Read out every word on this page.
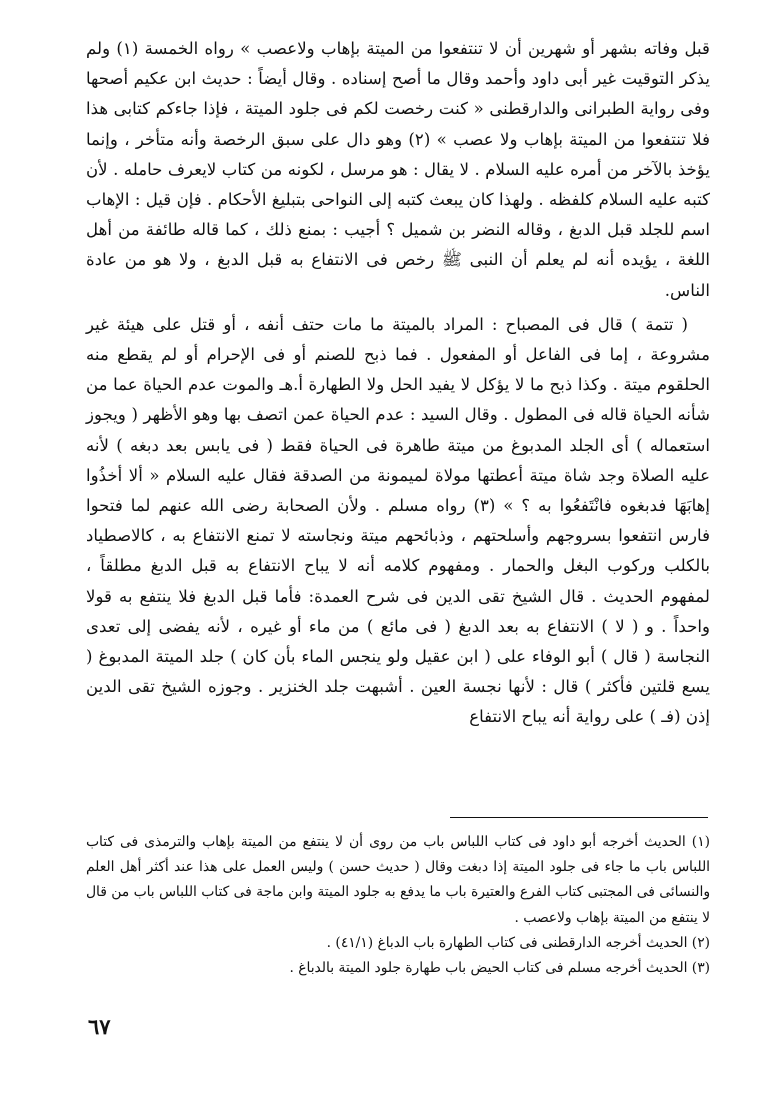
قبل وفاته بشهر أو شهرين أن لا تنتفعوا من الميتة بإهاب ولاعصب » رواه الخمسة (١) ولم يذكر التوقيت غير أبى داود وأحمد وقال ما أصح إسناده . وقال أيضاً : حديث ابن عكيم أصحها وفى رواية الطبرانى والدارقطنى « كنت رخصت لكم فى جلود الميتة ، فإذا جاءكم كتابى هذا فلا تنتفعوا من الميتة بإهاب ولا عصب » (٢) وهو دال على سبق الرخصة وأنه متأخر ، وإنما يؤخذ بالآخر من أمره عليه السلام . لا يقال : هو مرسل ، لكونه من كتاب لايعرف حامله . لأن كتبه عليه السلام كلفظه . ولهذا كان يبعث كتبه إلى النواحى بتبليغ الأحكام . فإن قيل : الإهاب اسم للجلد قبل الدبغ ، وقاله النضر بن شميل ؟ أجيب : بمنع ذلك ، كما قاله طائفة من أهل اللغة ، يؤيده أنه لم يعلم أن النبى ﷺ رخص فى الانتفاع به قبل الدبغ ، ولا هو من عادة الناس.

( تتمة ) قال فى المصباح : المراد بالميتة ما مات حتف أنفه ، أو قتل على هيئة غير مشروعة ، إما فى الفاعل أو المفعول . فما ذبح للصنم أو فى الإحرام أو لم يقطع منه الحلقوم ميتة . وكذا ذبح ما لا يؤكل لا يفيد الحل ولا الطهارة أ.هـ والموت عدم الحياة عما من شأنه الحياة قاله فى المطول . وقال السيد : عدم الحياة عمن اتصف بها وهو الأظهر ( ويجوز استعماله ) أى الجلد المدبوغ من ميتة طاهرة فى الحياة فقط ( فى يابس بعد دبغه ) لأنه عليه الصلاة وجد شاة ميتة أعطتها مولاة لميمونة من الصدقة فقال عليه السلام « ألا أخذُوا إهابَهَا فدبغوه فانْتَفعُوا به ؟ » (٣) رواه مسلم . ولأن الصحابة رضى الله عنهم لما فتحوا فارس انتفعوا بسروجهم وأسلحتهم ، وذبائحهم ميتة ونجاسته لا تمنع الانتفاع به ، كالاصطياد بالكلب وركوب البغل والحمار . ومفهوم كلامه أنه لا يباح الانتفاع به قبل الدبغ مطلقاً ، لمفهوم الحديث . قال الشيخ تقى الدين فى شرح العمدة: فأما قبل الدبغ فلا ينتفع به قولا واحداً . و ( لا ) الانتفاع به بعد الدبغ ( فى مائع ) من ماء أو غيره ، لأنه يفضى إلى تعدى النجاسة ( قال ) أبو الوفاء على ( ابن عقيل ولو ينجس الماء بأن كان ) جلد الميتة المدبوغ ( يسع قلتين فأكثر ) قال : لأنها نجسة العين . أشبهت جلد الخنزير . وجوزه الشيخ تقى الدين إذن (فـ ) على رواية أنه يباح الانتفاع

(١) الحديث أخرجه أبو داود فى كتاب اللباس باب من روى أن لا ينتفع من الميتة بإهاب والترمذى فى كتاب اللباس باب ما جاء فى جلود الميتة إذا دبغت وقال ( حديث حسن ) وليس العمل على هذا عند أكثر أهل العلم والنسائى فى المجتبى كتاب الفرع والعتيرة باب ما يدفع به جلود الميتة وابن ماجة فى كتاب اللباس باب من قال لا ينتفع من الميتة بإهاب ولاعصب .

(٢) الحديث أخرجه الدارقطنى فى كتاب الطهارة باب الدباغ (٤١/١) .

(٣) الحديث أخرجه مسلم فى كتاب الحيض باب طهارة جلود الميتة بالدباغ .

٦٧
